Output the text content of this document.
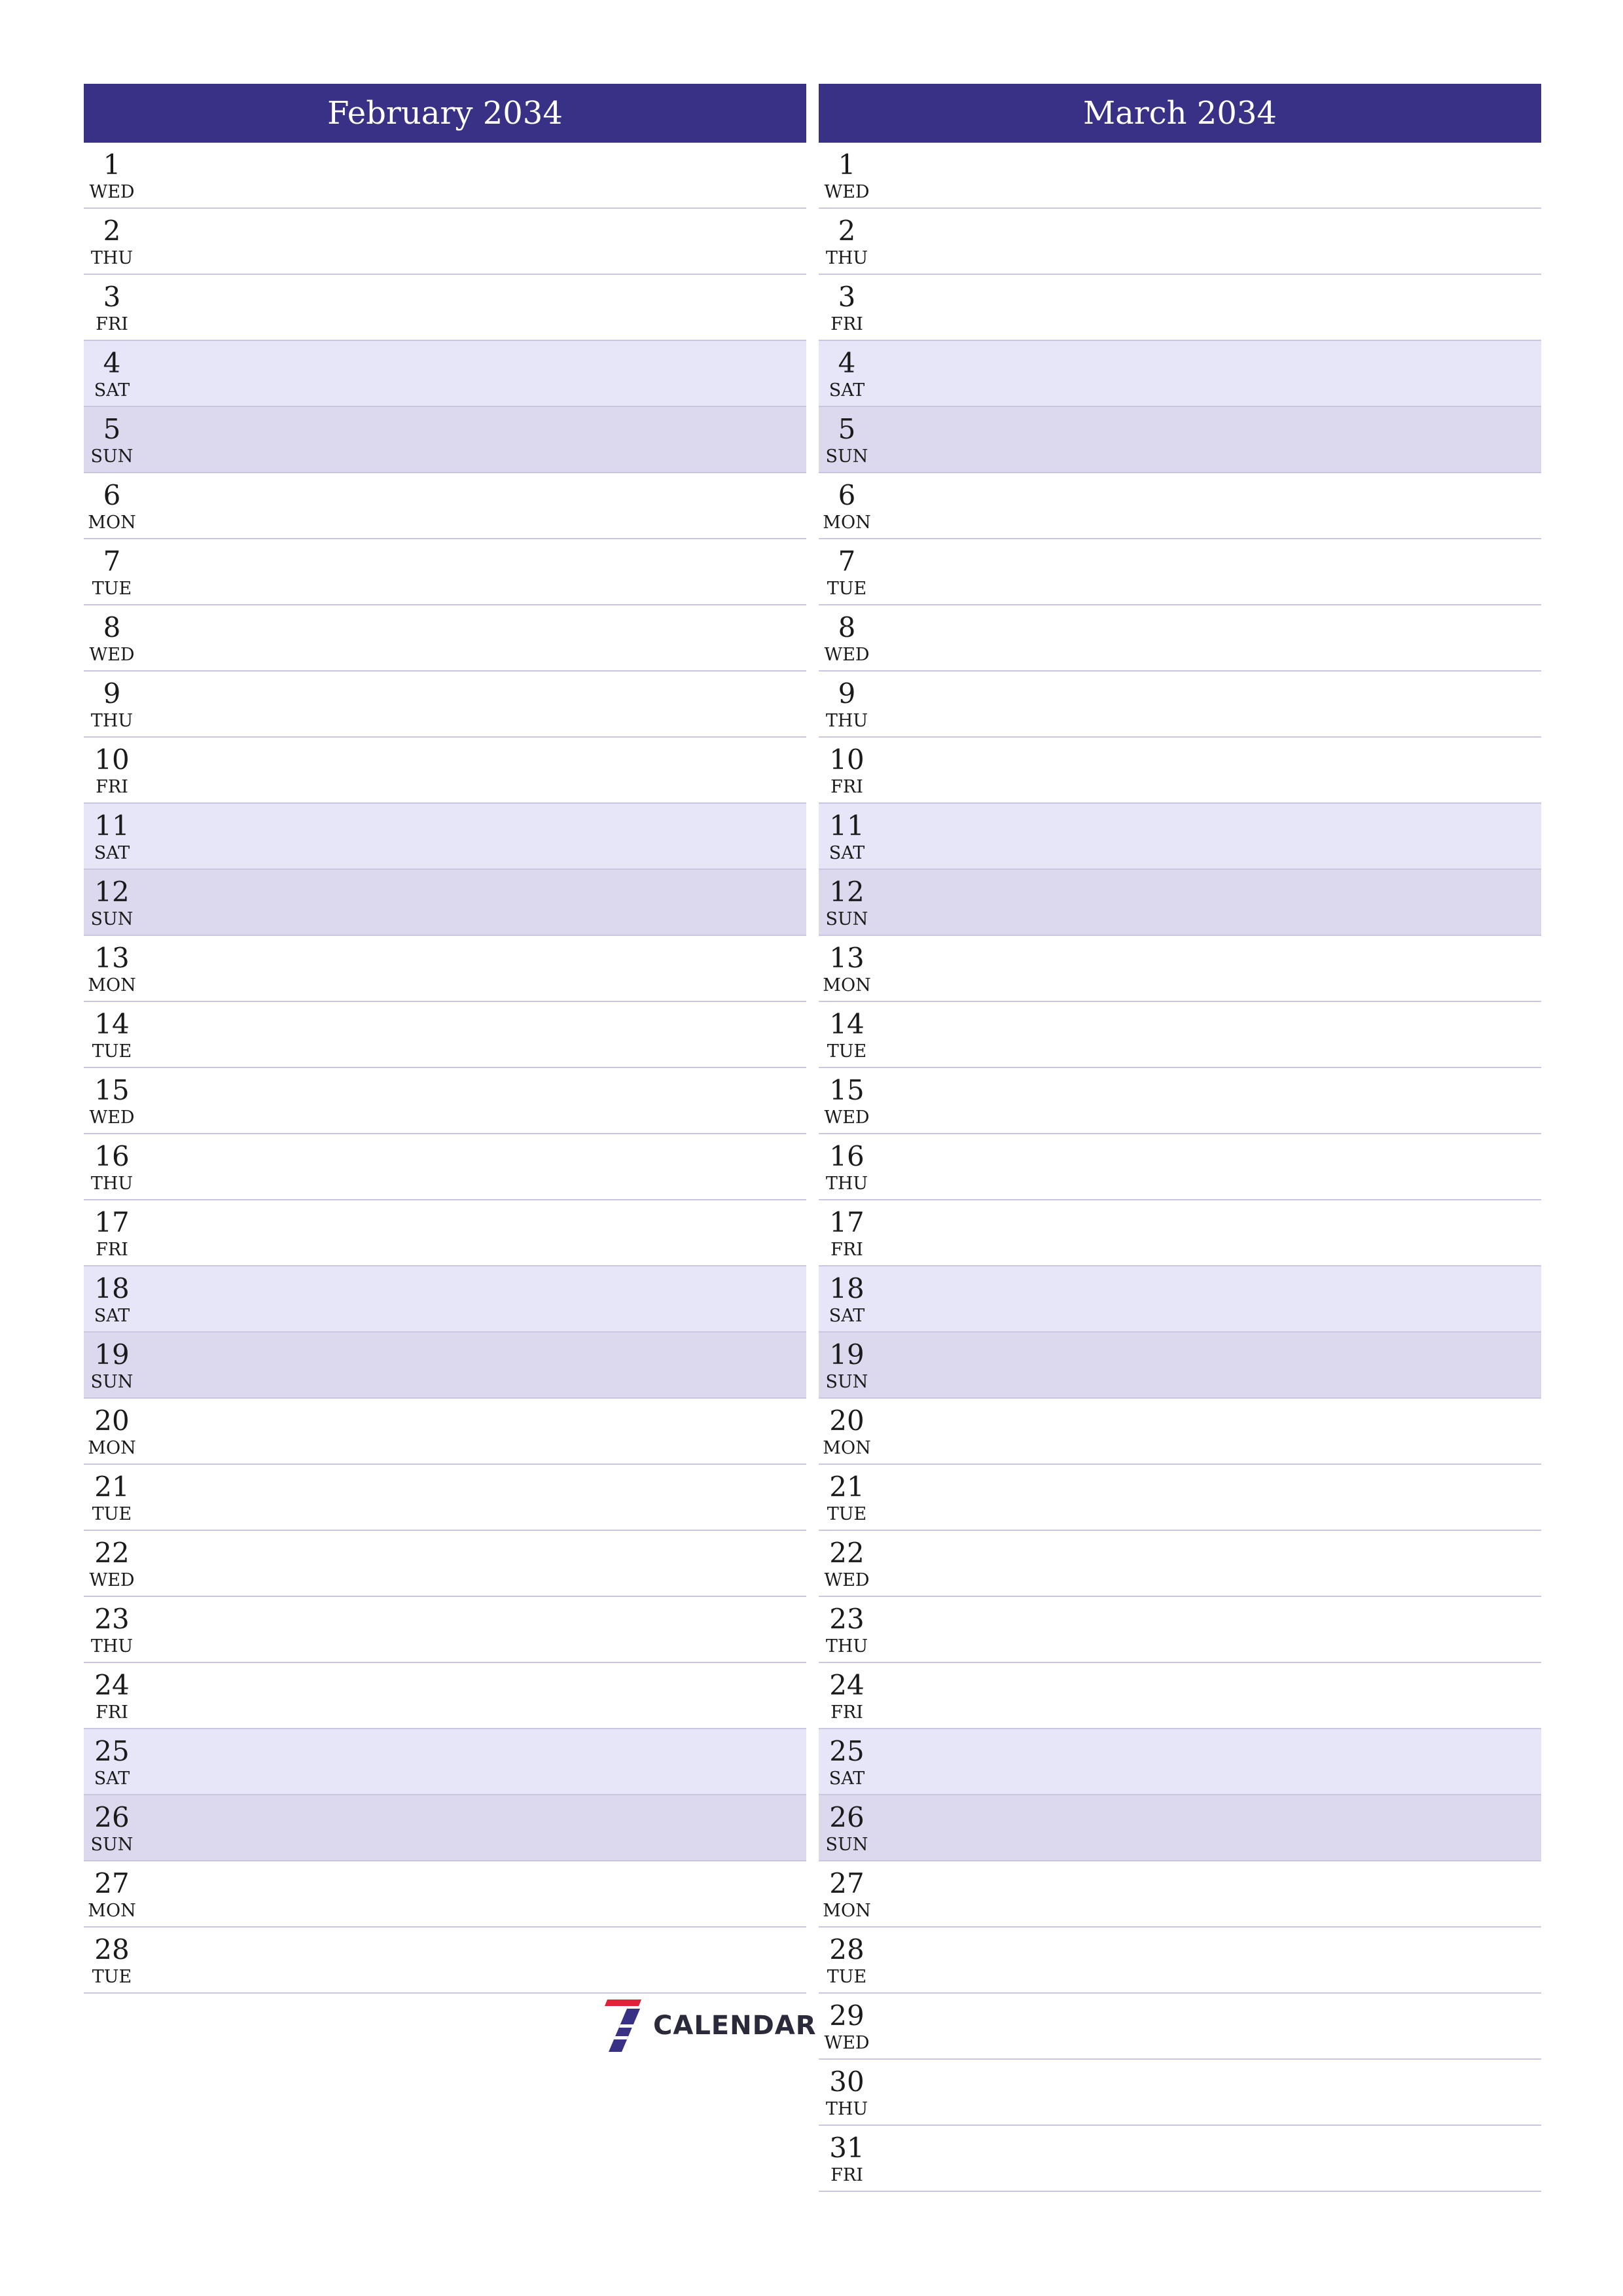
February 2034
1
WED
2
THU
3
FRI
4
SAT
5
SUN
6
MON
7
TUE
8
WED
9
THU
10
FRI
11
SAT
12
SUN
13
MON
14
TUE
15
WED
16
THU
17
FRI
18
SAT
19
SUN
20
MON
21
TUE
22
WED
23
THU
24
FRI
25
SAT
26
SUN
27
MON
28
TUE
March 2034
1
WED
2
THU
3
FRI
4
SAT
5
SUN
6
MON
7
TUE
8
WED
9
THU
10
FRI
11
SAT
12
SUN
13
MON
14
TUE
15
WED
16
THU
17
FRI
18
SAT
19
SUN
20
MON
21
TUE
22
WED
23
THU
24
FRI
25
SAT
26
SUN
27
MON
28
TUE
29
WED
30
THU
31
FRI
CALENDAR
